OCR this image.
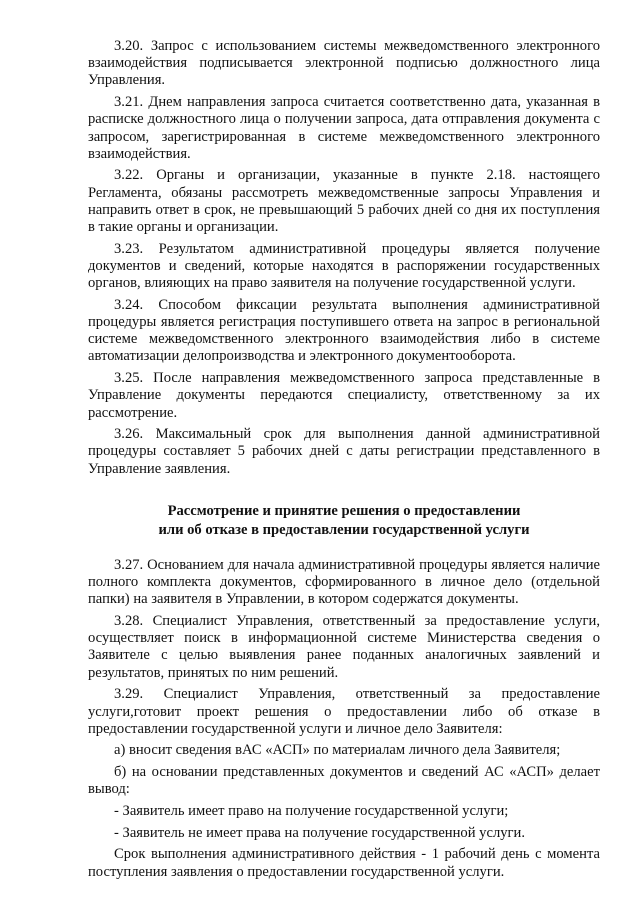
3.20. Запрос с использованием системы межведомственного электронного взаимодействия подписывается электронной подписью должностного лица Управления.

3.21. Днем направления запроса считается соответственно дата, указанная в расписке должностного лица о получении запроса, дата отправления документа с запросом, зарегистрированная в системе межведомственного электронного взаимодействия.

3.22. Органы и организации, указанные в пункте 2.18. настоящего Регламента, обязаны рассмотреть межведомственные запросы Управления и направить ответ в срок, не превышающий 5 рабочих дней со дня их поступления в такие органы и организации.

3.23. Результатом административной процедуры является получение документов и сведений, которые находятся в распоряжении государственных органов, влияющих на право заявителя на получение государственной услуги.

3.24. Способом фиксации результата выполнения административной процедуры является регистрация поступившего ответа на запрос в региональной системе межведомственного электронного взаимодействия либо в системе автоматизации делопроизводства и электронного документооборота.

3.25. После направления межведомственного запроса представленные в Управление документы передаются специалисту, ответственному за их рассмотрение.

3.26. Максимальный срок для выполнения данной административной процедуры составляет 5 рабочих дней с даты регистрации представленного в Управление заявления.

Рассмотрение и принятие решения о предоставлении
или об отказе в предоставлении государственной услуги

3.27. Основанием для начала административной процедуры является наличие полного комплекта документов, сформированного в личное дело (отдельной папки) на заявителя в Управлении, в котором содержатся документы.

3.28. Специалист Управления, ответственный за предоставление услуги, осуществляет поиск в информационной системе Министерства сведения о Заявителе с целью выявления ранее поданных аналогичных заявлений и результатов, принятых по ним решений.

3.29. Специалист Управления, ответственный за предоставление услуги,готовит проект решения о предоставлении либо об отказе в предоставлении государственной услуги и личное дело Заявителя:

а) вносит сведения вАС «АСП» по материалам личного дела Заявителя;

б) на основании представленных документов и сведений АС «АСП» делает вывод:

- Заявитель имеет право на получение государственной услуги;

- Заявитель не имеет права на получение государственной услуги.

Срок выполнения административного действия - 1 рабочий день с момента поступления заявления о предоставлении государственной услуги.
